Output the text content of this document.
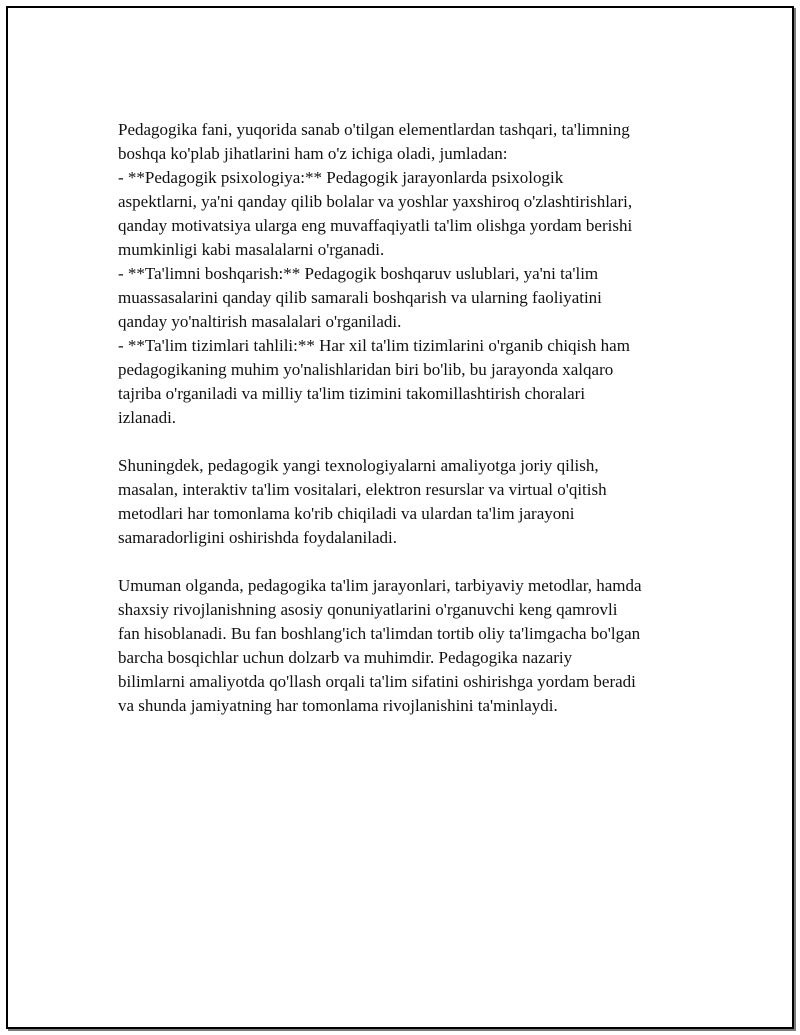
Pedagogika fani, yuqorida sanab o'tilgan elementlardan tashqari, ta'limning
boshqa ko'plab jihatlarini ham o'z ichiga oladi, jumladan:
- **Pedagogik psixologiya:** Pedagogik jarayonlarda psixologik
aspektlarni, ya'ni qanday qilib bolalar va yoshlar yaxshiroq o'zlashtirishlari,
qanday motivatsiya ularga eng muvaffaqiyatli ta'lim olishga yordam berishi
mumkinligi kabi masalalarni o'rganadi.
- **Ta'limni boshqarish:** Pedagogik boshqaruv uslublari, ya'ni ta'lim
muassasalarini qanday qilib samarali boshqarish va ularning faoliyatini
qanday yo'naltirish masalalari o'rganiladi.
- **Ta'lim tizimlari tahlili:** Har xil ta'lim tizimlarini o'rganib chiqish ham
pedagogikaning muhim yo'nalishlaridan biri bo'lib, bu jarayonda xalqaro
tajriba o'rganiladi va milliy ta'lim tizimini takomillashtirish choralari
izlanadi.

Shuningdek, pedagogik yangi texnologiyalarni amaliyotga joriy qilish,
masalan, interaktiv ta'lim vositalari, elektron resurslar va virtual o'qitish
metodlari har tomonlama ko'rib chiqiladi va ulardan ta'lim jarayoni
samaradorligini oshirishda foydalaniladi.

Umuman olganda, pedagogika ta'lim jarayonlari, tarbiyaviy metodlar, hamda
shaxsiy rivojlanishning asosiy qonuniyatlarini o'rganuvchi keng qamrovli
fan hisoblanadi. Bu fan boshlang'ich ta'limdan tortib oliy ta'limgacha bo'lgan
barcha bosqichlar uchun dolzarb va muhimdir. Pedagogika nazariy
bilimlarni amaliyotda qo'llash orqali ta'lim sifatini oshirishga yordam beradi
va shunda jamiyatning har tomonlama rivojlanishini ta'minlaydi.
